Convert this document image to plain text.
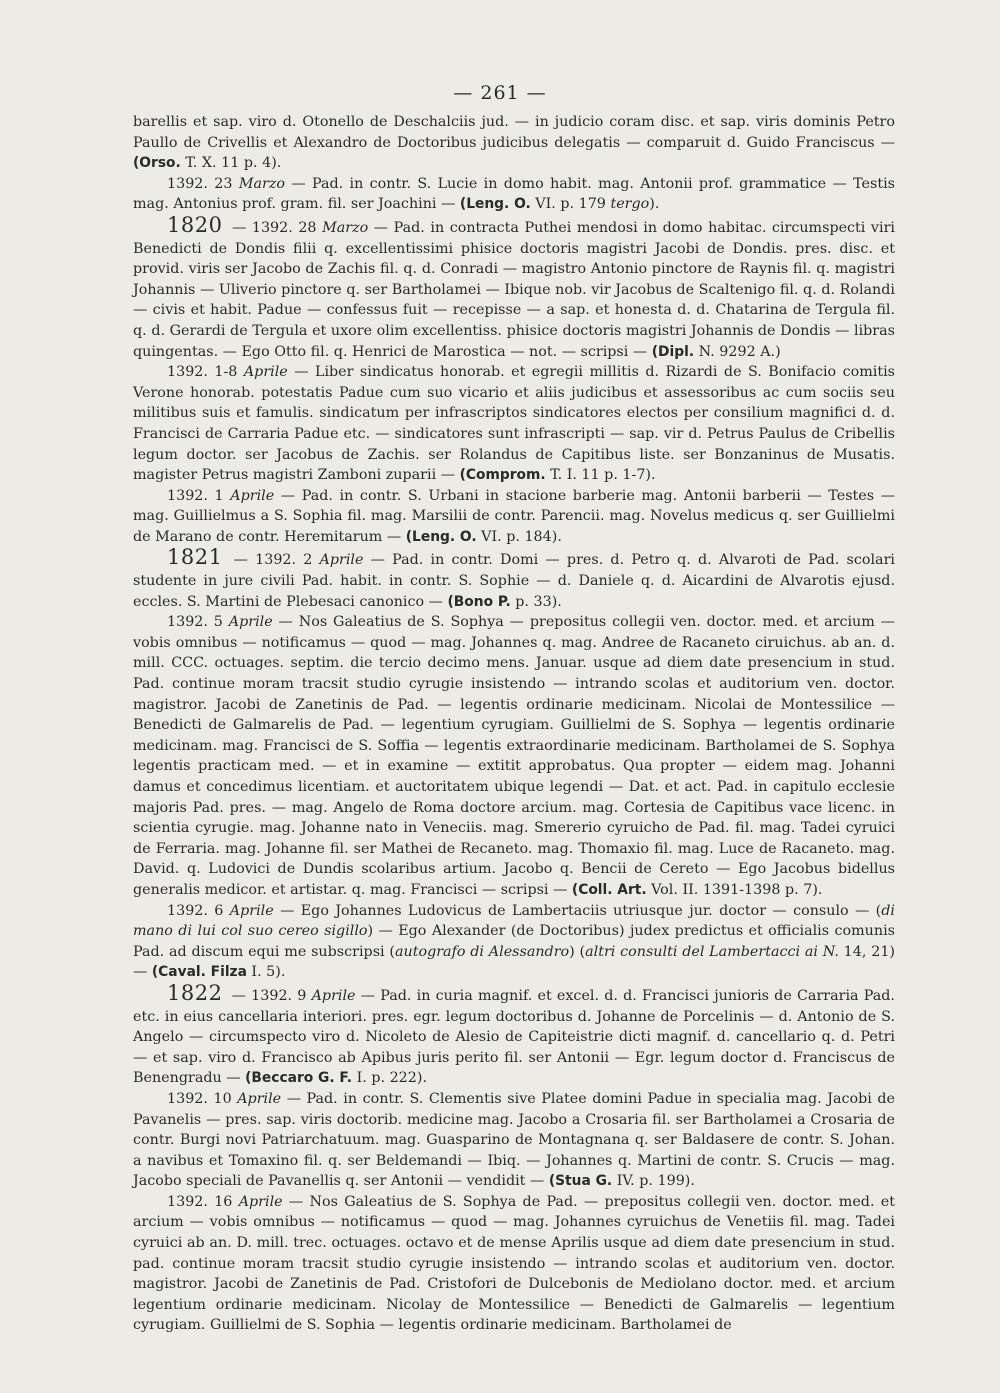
— 261 —

barellis et sap. viro d. Otonello de Deschalciis jud. — in judicio coram disc. et sap. viris dominis Petro Paullo de Crivellis et Alexandro de Doctoribus judicibus delegatis — comparuit d. Guido Franciscus — (Orso. T. X. 11 p. 4).

1392. 23 Marzo — Pad. in contr. S. Lucie in domo habit. mag. Antonii prof. grammatice — Testis mag. Antonius prof. gram. fil. ser Joachini — (Leng. O. VI. p. 179 tergo).

1820 — 1392. 28 Marzo — Pad. in contracta Puthei mendosi in domo habitac. circumspecti viri Benedicti de Dondis filii q. excellentissimi phisice doctoris magistri Jacobi de Dondis. pres. disc. et provid. viris ser Jacobo de Zachis fil. q. d. Conradi — magistro Antonio pinctore de Raynis fil. q. magistri Johannis — Uliverio pinctore q. ser Bartholamei — Ibique nob. vir Jacobus de Scaltenigo fil. q. d. Rolandi — civis et habit. Padue — confessus fuit — recepisse — a sap. et honesta d. d. Chatarina de Tergula fil. q. d. Gerardi de Tergula et uxore olim excellentiss. phisice doctoris magistri Johannis de Dondis — libras quingentas. — Ego Otto fil. q. Henrici de Marostica — not. — scripsi — (Dipl. N. 9292 A.)

1392. 1-8 Aprile — Liber sindicatus honorab. et egregii millitis d. Rizardi de S. Bonifacio comitis Verone honorab. potestatis Padue cum suo vicario et aliis judicibus et assessoribus ac cum sociis seu militibus suis et famulis. sindicatum per infrascriptos sindicatores electos per consilium magnifici d. d. Francisci de Carraria Padue etc. — sindicatores sunt infrascripti — sap. vir d. Petrus Paulus de Cribellis legum doctor. ser Jacobus de Zachis. ser Rolandus de Capitibus liste. ser Bonzaninus de Musatis. magister Petrus magistri Zamboni zuparii — (Comprom. T. I. 11 p. 1-7).

1392. 1 Aprile — Pad. in contr. S. Urbani in stacione barberie mag. Antonii barberii — Testes — mag. Guillielmus a S. Sophia fil. mag. Marsilii de contr. Parencii. mag. Novelus medicus q. ser Guillielmi de Marano de contr. Heremitarum — (Leng. O. VI. p. 184).

1821 — 1392. 2 Aprile — Pad. in contr. Domi — pres. d. Petro q. d. Alvaroti de Pad. scolari studente in jure civili Pad. habit. in contr. S. Sophie — d. Daniele q. d. Aicardini de Alvarotis ejusd. eccles. S. Martini de Plebesaci canonico — (Bono P. p. 33).

1392. 5 Aprile — Nos Galeatius de S. Sophya — prepositus collegii ven. doctor. med. et arcium — vobis omnibus — notificamus — quod — mag. Johannes q. mag. Andree de Racaneto ciruichus. ab an. d. mill. CCC. octuages. septim. die tercio decimo mens. Januar. usque ad diem date presencium in stud. Pad. continue moram tracsit studio cyrugie insistendo — intrando scolas et auditorium ven. doctor. magistror. Jacobi de Zanetinis de Pad. — legentis ordinarie medicinam. Nicolai de Montessilice — Benedicti de Galmarelis de Pad. — legentium cyrugiam. Guillielmi de S. Sophya — legentis ordinarie medicinam. mag. Francisci de S. Soffia — legentis extraordinarie medicinam. Bartholamei de S. Sophya legentis practicam med. — et in examine — extitit approbatus. Qua propter — eidem mag. Johanni damus et concedimus licentiam. et auctoritatem ubique legendi — Dat. et act. Pad. in capitulo ecclesie majoris Pad. pres. — mag. Angelo de Roma doctore arcium. mag. Cortesia de Capitibus vace licenc. in scientia cyrugie. mag. Johanne nato in Veneciis. mag. Smererio cyruicho de Pad. fil. mag. Tadei cyruici de Ferraria. mag. Johanne fil. ser Mathei de Recaneto. mag. Thomaxio fil. mag. Luce de Racaneto. mag. David. q. Ludovici de Dundis scolaribus artium. Jacobo q. Bencii de Cereto — Ego Jacobus bidellus generalis medicor. et artistar. q. mag. Francisci — scripsi — (Coll. Art. Vol. II. 1391-1398 p. 7).

1392. 6 Aprile — Ego Johannes Ludovicus de Lambertaciis utriusque jur. doctor — consulo — (di mano di lui col suo cereo sigillo) — Ego Alexander (de Doctoribus) judex predictus et officialis comunis Pad. ad discum equi me subscripsi (autografo di Alessandro) (altri consulti del Lambertacci ai N. 14, 21) — (Caval. Filza I. 5).

1822 — 1392. 9 Aprile — Pad. in curia magnif. et excel. d. d. Francisci junioris de Carraria Pad. etc. in eius cancellaria interiori. pres. egr. legum doctoribus d. Johanne de Porcelinis — d. Antonio de S. Angelo — circumspecto viro d. Nicoleto de Alesio de Capiteistrie dicti magnif. d. cancellario q. d. Petri — et sap. viro d. Francisco ab Apibus juris perito fil. ser Antonii — Egr. legum doctor d. Franciscus de Benengradu — (Beccaro G. F. I. p. 222).

1392. 10 Aprile — Pad. in contr. S. Clementis sive Platee domini Padue in specialia mag. Jacobi de Pavanelis — pres. sap. viris doctorib. medicine mag. Jacobo a Crosaria fil. ser Bartholamei a Crosaria de contr. Burgi novi Patriarchatuum. mag. Guasparino de Montagnana q. ser Baldasere de contr. S. Johan. a navibus et Tomaxino fil. q. ser Beldemandi — Ibiq. — Johannes q. Martini de contr. S. Crucis — mag. Jacobo speciali de Pavanellis q. ser Antonii — vendidit — (Stua G. IV. p. 199).

1392. 16 Aprile — Nos Galeatius de S. Sophya de Pad. — prepositus collegii ven. doctor. med. et arcium — vobis omnibus — notificamus — quod — mag. Johannes cyruichus de Venetiis fil. mag. Tadei cyruici ab an. D. mill. trec. octuages. octavo et de mense Aprilis usque ad diem date presencium in stud. pad. continue moram tracsit studio cyrugie insistendo — intrando scolas et auditorium ven. doctor. magistror. Jacobi de Zanetinis de Pad. Cristofori de Dulcebonis de Mediolano doctor. med. et arcium legentium ordinarie medicinam. Nicolay de Montessilice — Benedicti de Galmarelis — legentium cyrugiam. Guillielmi de S. Sophia — legentis ordinarie medicinam. Bartholamei de
